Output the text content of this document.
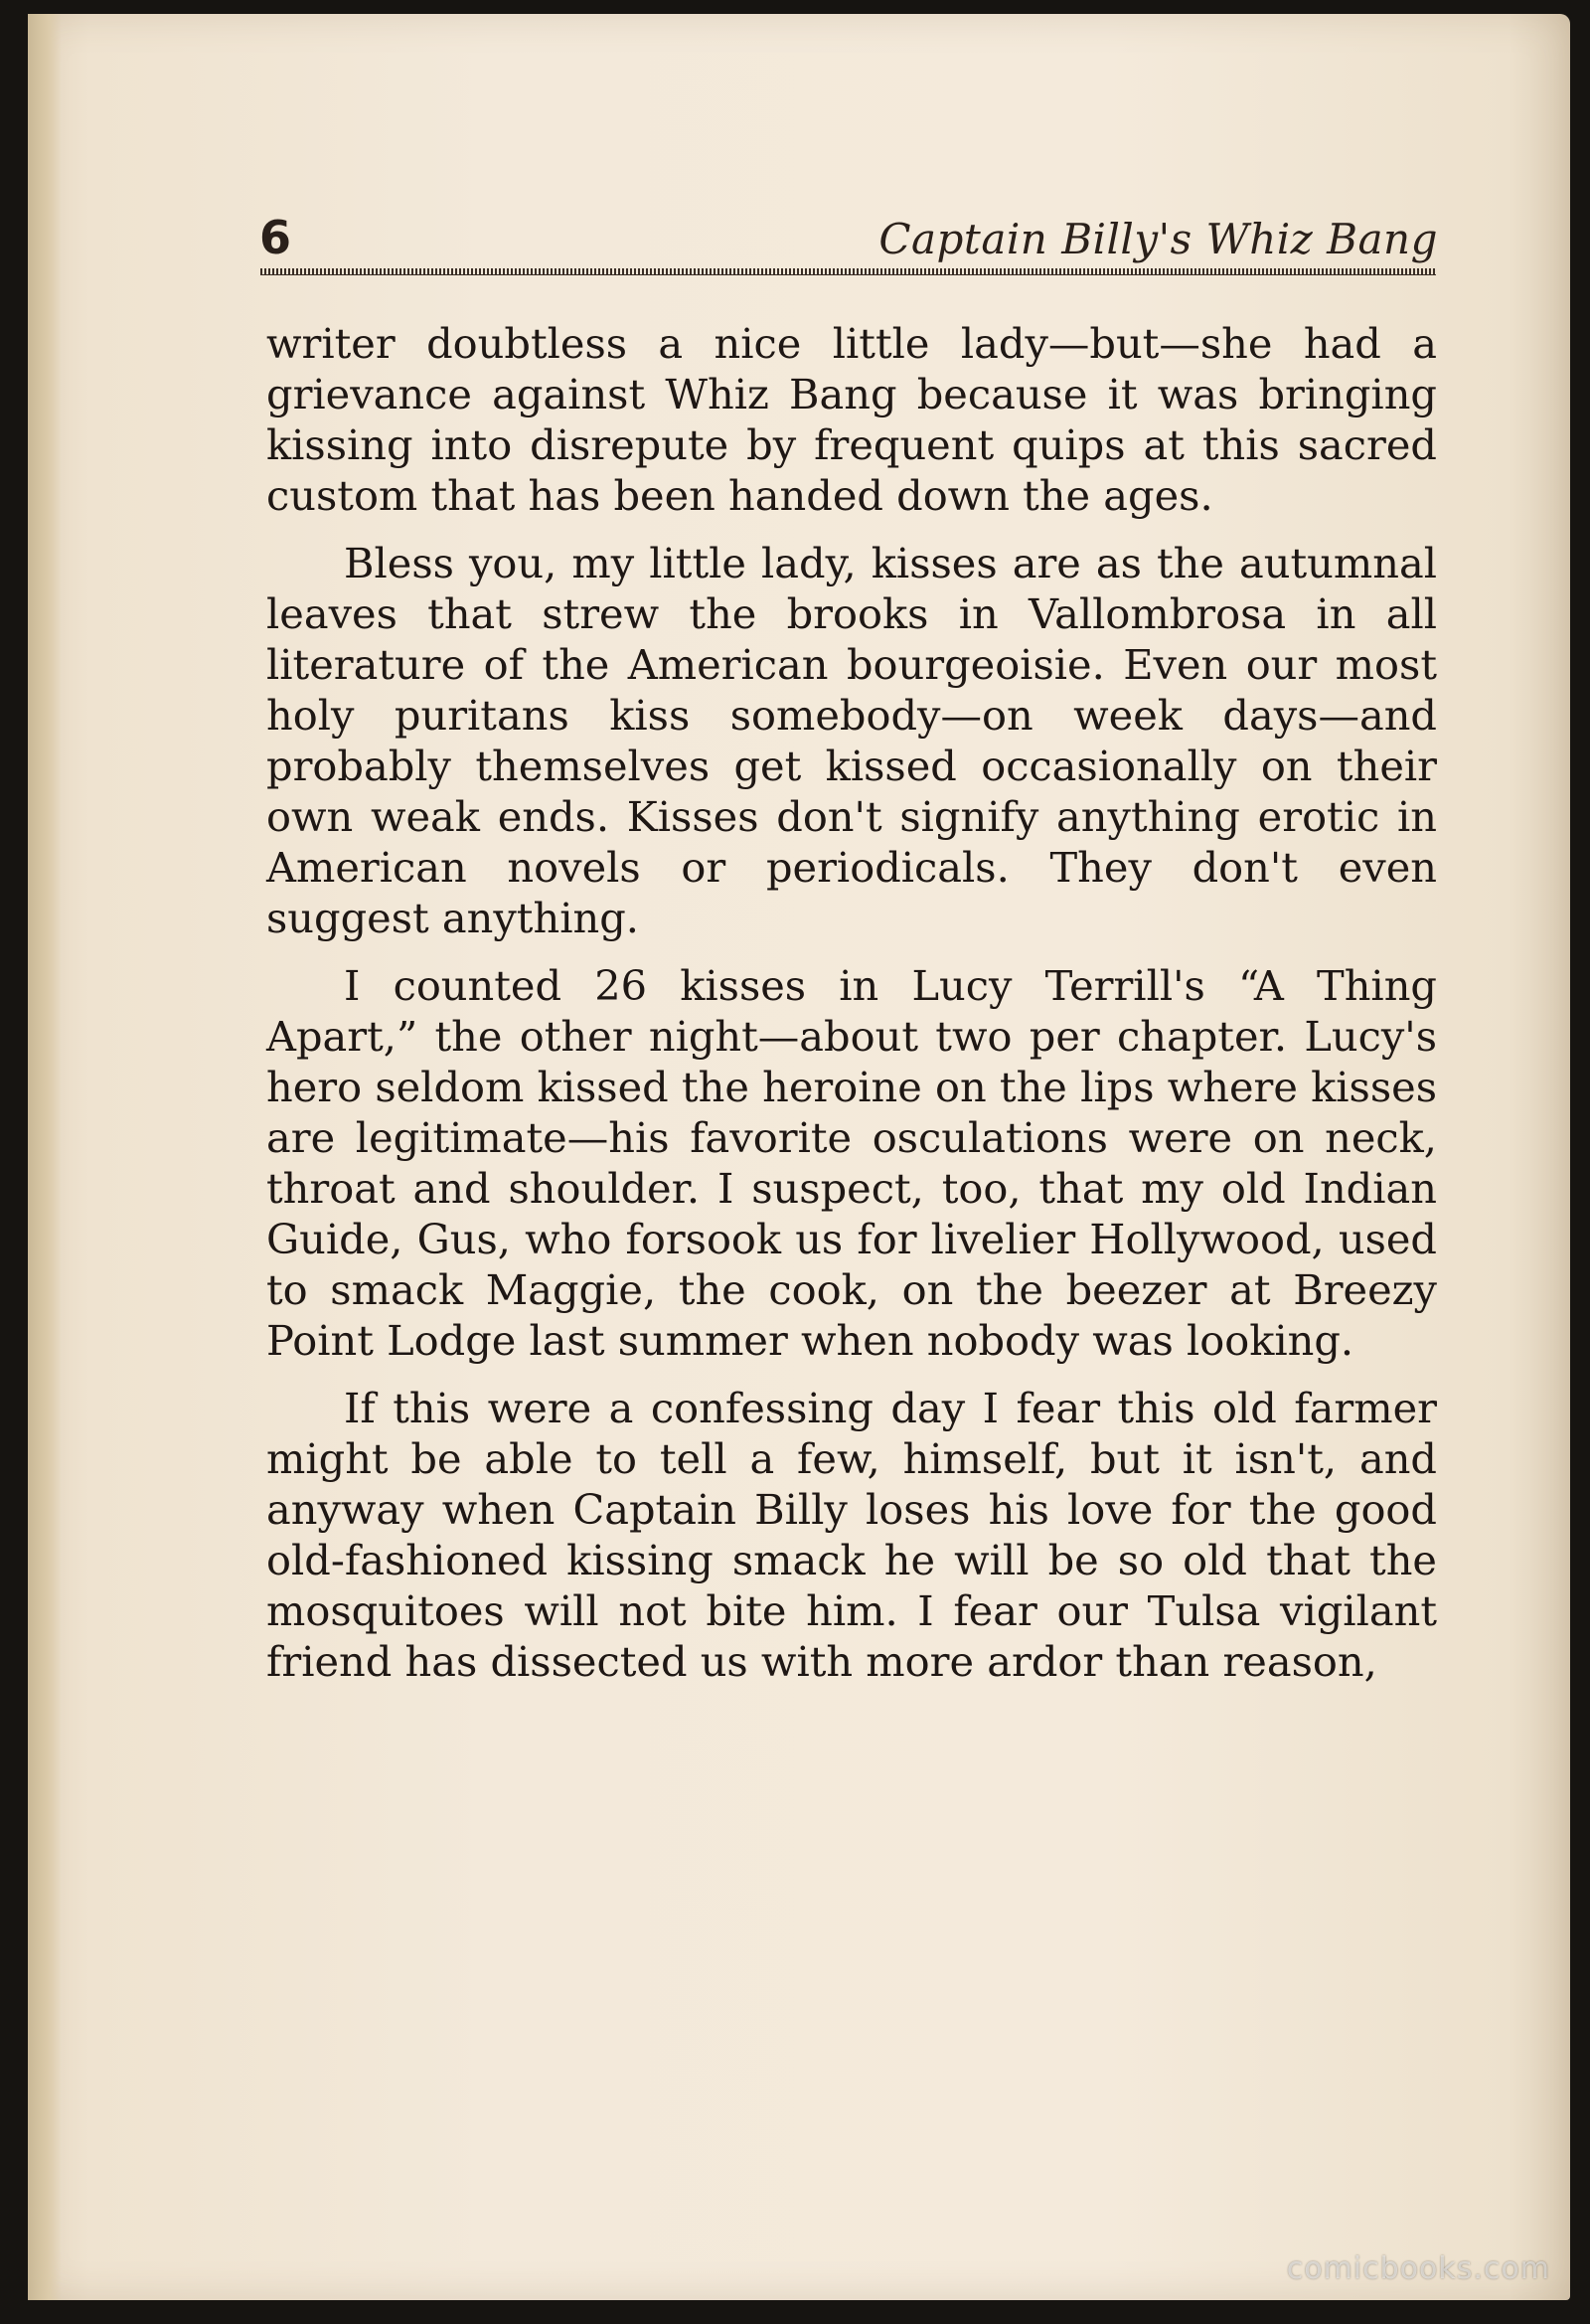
6	Captain Billy's Whiz Bang

writer doubtless a nice little lady—but—she had a grievance against Whiz Bang because it was bringing kissing into disrepute by frequent quips at this sacred custom that has been handed down the ages.

Bless you, my little lady, kisses are as the autumnal leaves that strew the brooks in Vallombrosa in all literature of the American bourgeoisie. Even our most holy puritans kiss somebody—on week days—and probably themselves get kissed occasionally on their own weak ends. Kisses don't signify anything erotic in American novels or periodicals. They don't even suggest anything.

I counted 26 kisses in Lucy Terrill's “A Thing Apart,” the other night—about two per chapter. Lucy's hero seldom kissed the heroine on the lips where kisses are legitimate—his favorite osculations were on neck, throat and shoulder. I suspect, too, that my old Indian Guide, Gus, who forsook us for livelier Hollywood, used to smack Maggie, the cook, on the beezer at Breezy Point Lodge last summer when nobody was looking.

If this were a confessing day I fear this old farmer might be able to tell a few, himself, but it isn't, and anyway when Captain Billy loses his love for the good old-fashioned kissing smack he will be so old that the mosquitoes will not bite him. I fear our Tulsa vigilant friend has dissected us with more ardor than reason,

comicbooks.com
